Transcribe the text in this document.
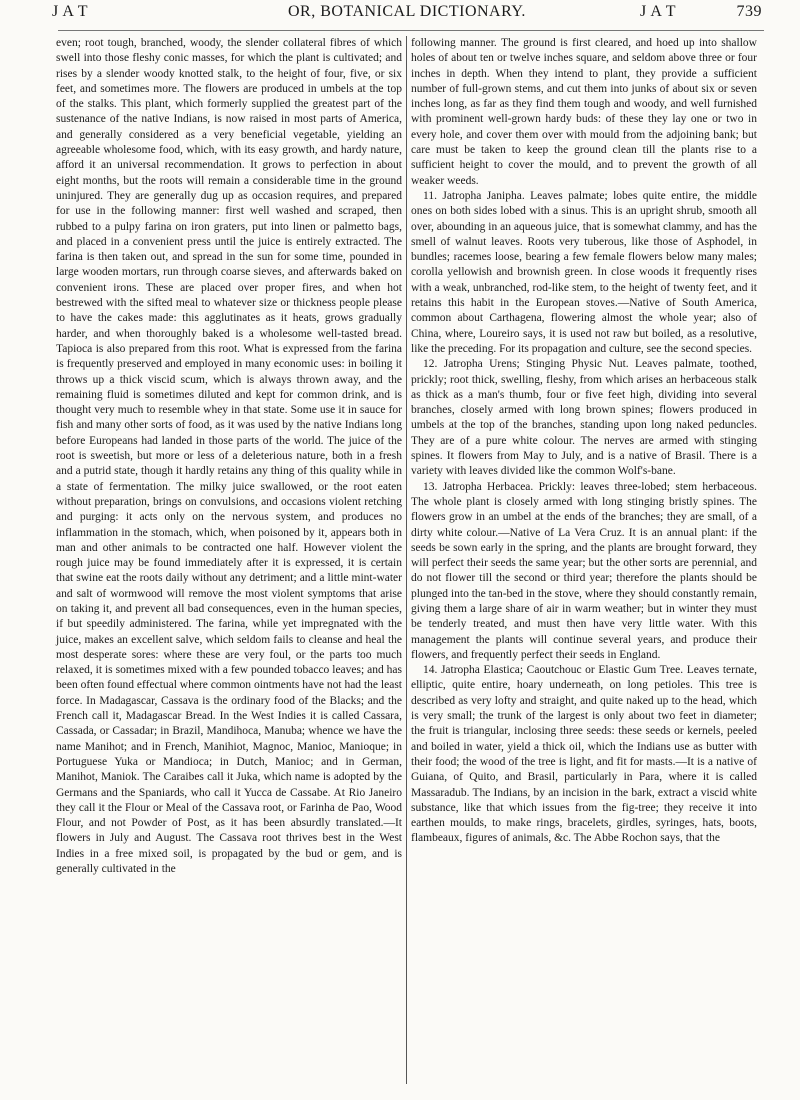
J A T	OR, BOTANICAL DICTIONARY.	J A T	739

even; root tough, branched, woody, the slender collateral fibres of which swell into those fleshy conic masses, for which the plant is cultivated; and rises by a slender woody knotted stalk, to the height of four, five, or six feet, and sometimes more. The flowers are produced in umbels at the top of the stalks. This plant, which formerly supplied the greatest part of the sustenance of the native Indians, is now raised in most parts of America, and generally considered as a very beneficial vegetable, yielding an agreeable wholesome food, which, with its easy growth, and hardy nature, afford it an universal recommendation. It grows to perfection in about eight months, but the roots will remain a considerable time in the ground uninjured. They are generally dug up as occasion requires, and prepared for use in the following manner: first well washed and scraped, then rubbed to a pulpy farina on iron graters, put into linen or palmetto bags, and placed in a convenient press until the juice is entirely extracted. The farina is then taken out, and spread in the sun for some time, pounded in large wooden mortars, run through coarse sieves, and afterwards baked on convenient irons. These are placed over proper fires, and when hot bestrewed with the sifted meal to whatever size or thickness people please to have the cakes made: this agglutinates as it heats, grows gradually harder, and when thoroughly baked is a wholesome well-tasted bread. Tapioca is also prepared from this root. What is expressed from the farina is frequently preserved and employed in many economic uses: in boiling it throws up a thick viscid scum, which is always thrown away, and the remaining fluid is sometimes diluted and kept for common drink, and is thought very much to resemble whey in that state. Some use it in sauce for fish and many other sorts of food, as it was used by the native Indians long before Europeans had landed in those parts of the world. The juice of the root is sweetish, but more or less of a deleterious nature, both in a fresh and a putrid state, though it hardly retains any thing of this quality while in a state of fermentation. The milky juice swallowed, or the root eaten without preparation, brings on convulsions, and occasions violent retching and purging: it acts only on the nervous system, and produces no inflammation in the stomach, which, when poisoned by it, appears both in man and other animals to be contracted one half. However violent the rough juice may be found immediately after it is expressed, it is certain that swine eat the roots daily without any detriment; and a little mint-water and salt of wormwood will remove the most violent symptoms that arise on taking it, and prevent all bad consequences, even in the human species, if but speedily administered. The farina, while yet impregnated with the juice, makes an excellent salve, which seldom fails to cleanse and heal the most desperate sores: where these are very foul, or the parts too much relaxed, it is sometimes mixed with a few pounded tobacco leaves; and has been often found effectual where common ointments have not had the least force. In Madagascar, Cassava is the ordinary food of the Blacks; and the French call it, Madagascar Bread. In the West Indies it is called Cassara, Cassada, or Cassadar; in Brazil, Mandihoca, Manuba; whence we have the name Manihot; and in French, Manihiot, Magnoc, Manioc, Manioque; in Portuguese Yuka or Mandioca; in Dutch, Manioc; and in German, Manihot, Maniok. The Caraibes call it Juka, which name is adopted by the Germans and the Spaniards, who call it Yucca de Cassabe. At Rio Janeiro they call it the Flour or Meal of the Cassava root, or Farinha de Pao, Wood Flour, and not Powder of Post, as it has been absurdly translated.—It flowers in July and August. The Cassava root thrives best in the West Indies in a free mixed soil, is propagated by the bud or gem, and is generally cultivated in the

following manner. The ground is first cleared, and hoed up into shallow holes of about ten or twelve inches square, and seldom above three or four inches in depth. When they intend to plant, they provide a sufficient number of full-grown stems, and cut them into junks of about six or seven inches long, as far as they find them tough and woody, and well furnished with prominent well-grown hardy buds: of these they lay one or two in every hole, and cover them over with mould from the adjoining bank; but care must be taken to keep the ground clean till the plants rise to a sufficient height to cover the mould, and to prevent the growth of all weaker weeds.

11. Jatropha Janipha. Leaves palmate; lobes quite entire, the middle ones on both sides lobed with a sinus. This is an upright shrub, smooth all over, abounding in an aqueous juice, that is somewhat clammy, and has the smell of walnut leaves. Roots very tuberous, like those of Asphodel, in bundles; racemes loose, bearing a few female flowers below many males; corolla yellowish and brownish green. In close woods it frequently rises with a weak, unbranched, rod-like stem, to the height of twenty feet, and it retains this habit in the European stoves.—Native of South America, common about Carthagena, flowering almost the whole year; also of China, where, Loureiro says, it is used not raw but boiled, as a resolutive, like the preceding. For its propagation and culture, see the second species.

12. Jatropha Urens; Stinging Physic Nut. Leaves palmate, toothed, prickly; root thick, swelling, fleshy, from which arises an herbaceous stalk as thick as a man's thumb, four or five feet high, dividing into several branches, closely armed with long brown spines; flowers produced in umbels at the top of the branches, standing upon long naked peduncles. They are of a pure white colour. The nerves are armed with stinging spines. It flowers from May to July, and is a native of Brasil. There is a variety with leaves divided like the common Wolf's-bane.

13. Jatropha Herbacea. Prickly: leaves three-lobed; stem herbaceous. The whole plant is closely armed with long stinging bristly spines. The flowers grow in an umbel at the ends of the branches; they are small, of a dirty white colour.—Native of La Vera Cruz. It is an annual plant: if the seeds be sown early in the spring, and the plants are brought forward, they will perfect their seeds the same year; but the other sorts are perennial, and do not flower till the second or third year; therefore the plants should be plunged into the tan-bed in the stove, where they should constantly remain, giving them a large share of air in warm weather; but in winter they must be tenderly treated, and must then have very little water. With this management the plants will continue several years, and produce their flowers, and frequently perfect their seeds in England.

14. Jatropha Elastica; Caoutchouc or Elastic Gum Tree. Leaves ternate, elliptic, quite entire, hoary underneath, on long petioles. This tree is described as very lofty and straight, and quite naked up to the head, which is very small; the trunk of the largest is only about two feet in diameter; the fruit is triangular, inclosing three seeds: these seeds or kernels, peeled and boiled in water, yield a thick oil, which the Indians use as butter with their food; the wood of the tree is light, and fit for masts.—It is a native of Guiana, of Quito, and Brasil, particularly in Para, where it is called Massaradub. The Indians, by an incision in the bark, extract a viscid white substance, like that which issues from the fig-tree; they receive it into earthen moulds, to make rings, bracelets, girdles, syringes, hats, boots, flambeaux, figures of animals, &c. The Abbe Rochon says, that the
